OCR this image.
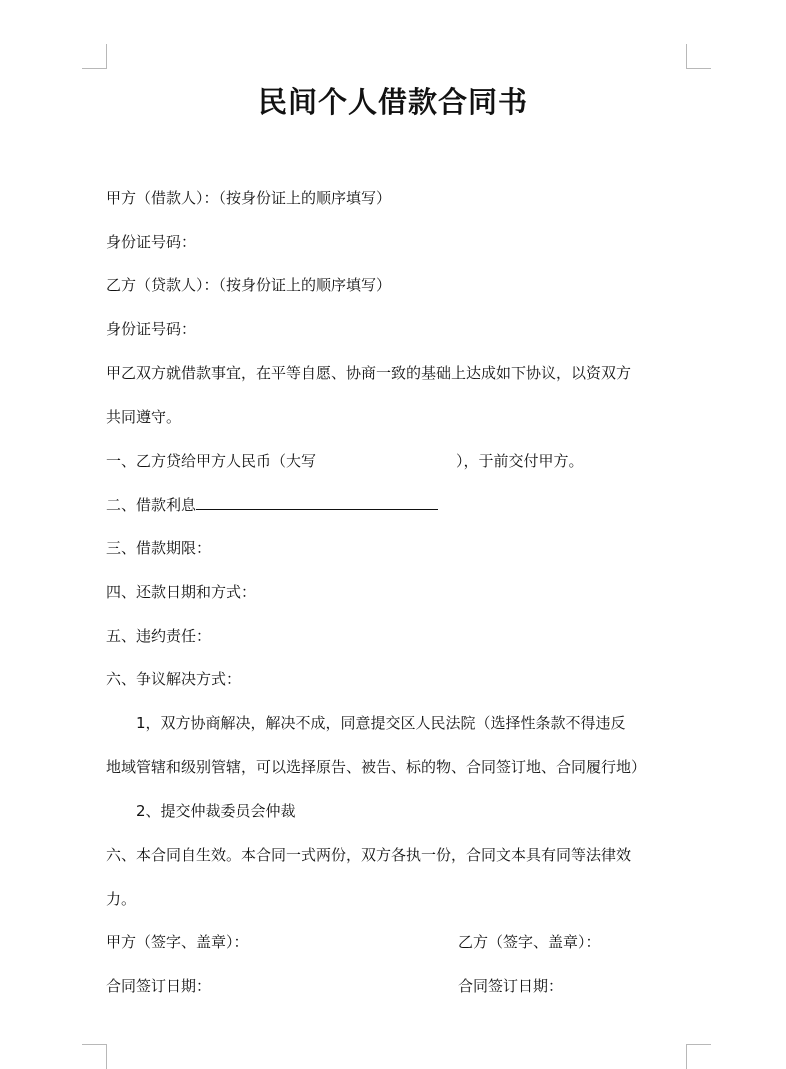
民间个人借款合同书
甲方（借款人）：（按身份证上的顺序填写）
身份证号码：
乙方（贷款人）：（按身份证上的顺序填写）
身份证号码：
甲乙双方就借款事宜，在平等自愿、协商一致的基础上达成如下协议，以资双方
共同遵守。
一、乙方贷给甲方人民币（大写	），于前交付甲方。
二、借款利息
三、借款期限：
四、还款日期和方式：
五、违约责任：
六、争议解决方式：
1，双方协商解决，解决不成，同意提交区人民法院（选择性条款不得违反
地域管辖和级别管辖，可以选择原告、被告、标的物、合同签订地、合同履行地）
2、提交仲裁委员会仲裁
六、本合同自生效。本合同一式两份，双方各执一份，合同文本具有同等法律效
力。
甲方（签字、盖章）：	乙方（签字、盖章）：
合同签订日期：	合同签订日期：
